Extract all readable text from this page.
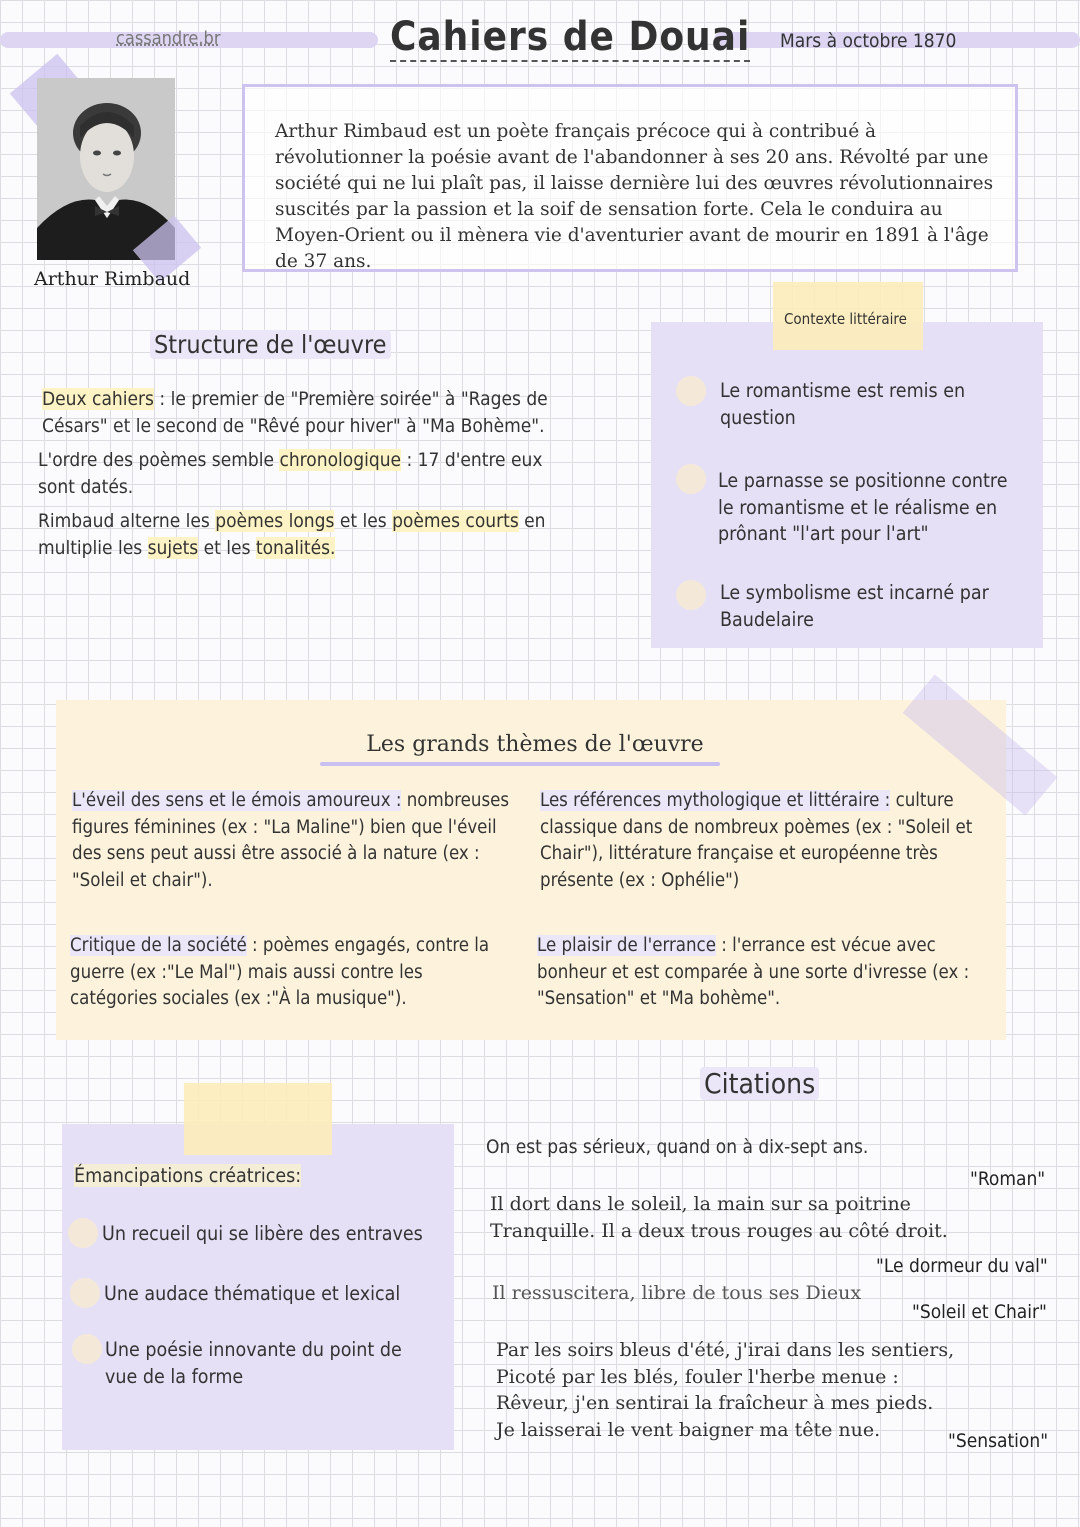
cassandre.br	Cahiers de Douai Mars à octobre 1870
Arthur Rimbaud
Arthur Rimbaud est un poète français précoce qui à contribué à révolutionner la poésie avant de l'abandonner à ses 20 ans. Révolté par une société qui ne lui plaît pas, il laisse dernière lui des œuvres révolutionnaires suscités par la passion et la soif de sensation forte. Cela le conduira au Moyen-Orient ou il mènera vie d'aventurier avant de mourir en 1891 à l'âge de 37 ans.
Structure de l'œuvre

Deux cahiers : le premier de "Première soirée" à "Rages de Césars" et le second de "Rêvé pour hiver" à "Ma Bohème".

L'ordre des poèmes semble chronologique : 17 d'entre eux sont datés.

Rimbaud alterne les poèmes longs et les poèmes courts en multiplie les sujets et les tonalités.

Contexte littéraire
Le romantisme est remis en question
Le parnasse se positionne contre le romantisme et le réalisme en prônant "l'art pour l'art"
Le symbolisme est incarné par Baudelaire
Les grands thèmes de l'œuvre
L'éveil des sens et le émois amoureux : nombreuses figures féminines (ex : "La Maline") bien que l'éveil des sens peut aussi être associé à la nature (ex : "Soleil et chair").
Les références mythologique et littéraire : culture classique dans de nombreux poèmes (ex : "Soleil et Chair"), littérature française et européenne très présente (ex : Ophélie")
Critique de la société : poèmes engagés, contre la guerre (ex :"Le Mal") mais aussi contre les catégories sociales (ex :"À la musique").
Le plaisir de l'errance : l'errance est vécue avec bonheur et est comparée à une sorte d'ivresse (ex : "Sensation" et "Ma bohème".
Émancipations créatrices:
Un recueil qui se libère des entraves
Une audace thématique et lexical
Une poésie innovante du point de vue de la forme
Citations
On est pas sérieux, quand on à dix-sept ans.
"Roman"
Il dort dans le soleil, la main sur sa poitrine
Tranquille. Il a deux trous rouges au côté droit.
"Le dormeur du val"
Il ressuscitera, libre de tous ses Dieux
"Soleil et Chair"
Par les soirs bleus d'été, j'irai dans les sentiers,
Picoté par les blés, fouler l'herbe menue :
Rêveur, j'en sentirai la fraîcheur à mes pieds.
Je laisserai le vent baigner ma tête nue.
"Sensation"
